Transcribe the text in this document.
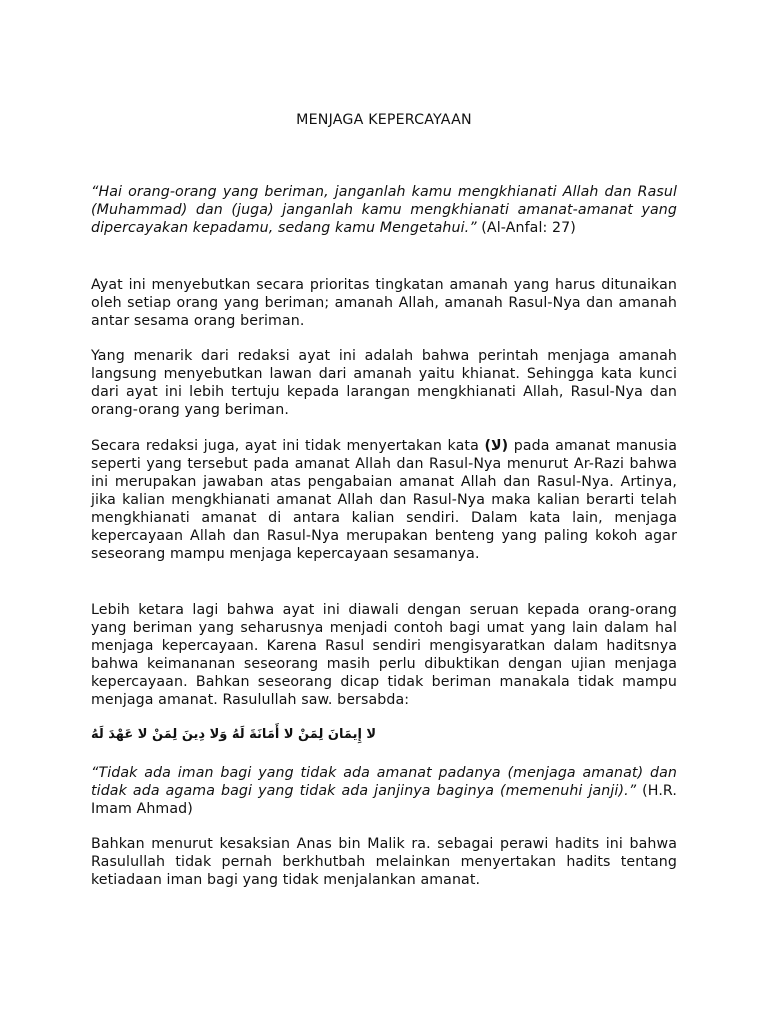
MENJAGA KEPERCAYAAN

“Hai orang-orang yang beriman, janganlah kamu mengkhianati Allah dan Rasul (Muhammad) dan (juga) janganlah kamu mengkhianati amanat-amanat yang dipercayakan kepadamu, sedang kamu Mengetahui.” (Al-Anfal: 27)

Ayat ini menyebutkan secara prioritas tingkatan amanah yang harus ditunaikan oleh setiap orang yang beriman; amanah Allah, amanah Rasul-Nya dan amanah antar sesama orang beriman.

Yang menarik dari redaksi ayat ini adalah bahwa perintah menjaga amanah langsung menyebutkan lawan dari amanah yaitu khianat. Sehingga kata kunci dari ayat ini lebih tertuju kepada larangan mengkhianati Allah, Rasul-Nya dan orang-orang yang beriman.

Secara redaksi juga, ayat ini tidak menyertakan kata (لا) pada amanat manusia seperti yang tersebut pada amanat Allah dan Rasul-Nya menurut Ar-Razi bahwa ini merupakan jawaban atas pengabaian amanat Allah dan Rasul-Nya. Artinya, jika kalian mengkhianati amanat Allah dan Rasul-Nya maka kalian berarti telah mengkhianati amanat di antara kalian sendiri. Dalam kata lain, menjaga kepercayaan Allah dan Rasul-Nya merupakan benteng yang paling kokoh agar seseorang mampu menjaga kepercayaan sesamanya.

Lebih ketara lagi bahwa ayat ini diawali dengan seruan kepada orang-orang yang beriman yang seharusnya menjadi contoh bagi umat yang lain dalam hal menjaga kepercayaan. Karena Rasul sendiri mengisyaratkan dalam haditsnya bahwa keimananan seseorang masih perlu dibuktikan dengan ujian menjaga kepercayaan. Bahkan seseorang dicap tidak beriman manakala tidak mampu menjaga amanat. Rasulullah saw. bersabda:

لا إِيمَانَ لِمَنْ لا أَمَانَةَ لَهُ وَلا دِينَ لِمَنْ لا عَهْدَ لَهُ

“Tidak ada iman bagi yang tidak ada amanat padanya (menjaga amanat) dan tidak ada agama bagi yang tidak ada janjinya baginya (memenuhi janji).” (H.R. Imam Ahmad)

Bahkan menurut kesaksian Anas bin Malik ra. sebagai perawi hadits ini bahwa Rasulullah tidak pernah berkhutbah melainkan menyertakan hadits tentang ketiadaan iman bagi yang tidak menjalankan amanat.
